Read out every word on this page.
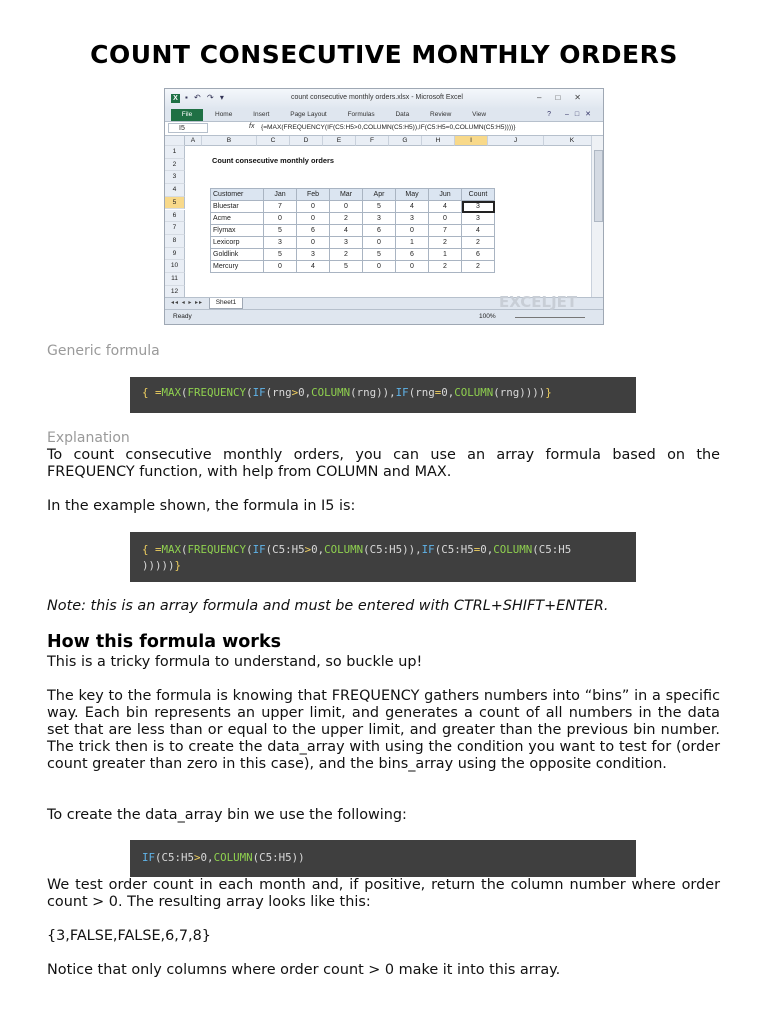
COUNT CONSECUTIVE MONTHLY ORDERS
X ▪ ↶ ↷ ▾	count consecutive monthly orders.xlsx - Microsoft Excel	–□✕
File	Home	Insert	Page Layout	Formulas	Data	Review	View	? –□✕
I5	fx {=MAX(FREQUENCY(IF(C5:H5>0,COLUMN(C5:H5)),IF(C5:H5=0,COLUMN(C5:H5))))}
A	B	C	D	E	F	G	H	I	J	K
1
2
3
4
5
6
7
8
9
10
11
12
Count consecutive monthly orders
Customer	Jan	Feb	Mar	Apr	May	Jun	Count
Bluestar	7	0	0	5	4	4	3
Acme	0	0	2	3	3	0	3
Flymax	5	6	4	6	0	7	4
Lexicorp	3	0	3	0	1	2	2
Goldlink	5	3	2	5	6	1	6
Mercury	0	4	5	0	0	2	2
◂◂ ◂ ▸ ▸▸	Sheet1
Ready	100%
EXCELJET
Generic formula
{ =MAX(FREQUENCY(IF(rng>0,COLUMN(rng)),IF(rng=0,COLUMN(rng))))}
Explanation

To count consecutive monthly orders, you can use an array formula based on the FREQUENCY function, with help from COLUMN and MAX.

In the example shown, the formula in I5 is:

{ =MAX(FREQUENCY(IF(C5:H5>0,COLUMN(C5:H5)),IF(C5:H5=0,COLUMN(C5:H5
)))))}
Note: this is an array formula and must be entered with CTRL+SHIFT+ENTER.
How this formula works

This is a tricky formula to understand, so buckle up!

The key to the formula is knowing that FREQUENCY gathers numbers into “bins” in a specific way. Each bin represents an upper limit, and generates a count of all numbers in the data set that are less than or equal to the upper limit, and greater than the previous bin number. The trick then is to create the data_array with using the condition you want to test for (order count greater than zero in this case), and the bins_array using the opposite condition.

To create the data_array bin we use the following:

IF(C5:H5>0,COLUMN(C5:H5))

We test order count in each month and, if positive, return the column number where order count > 0. The resulting array looks like this:

{3,FALSE,FALSE,6,7,8}

Notice that only columns where order count > 0 make it into this array.
